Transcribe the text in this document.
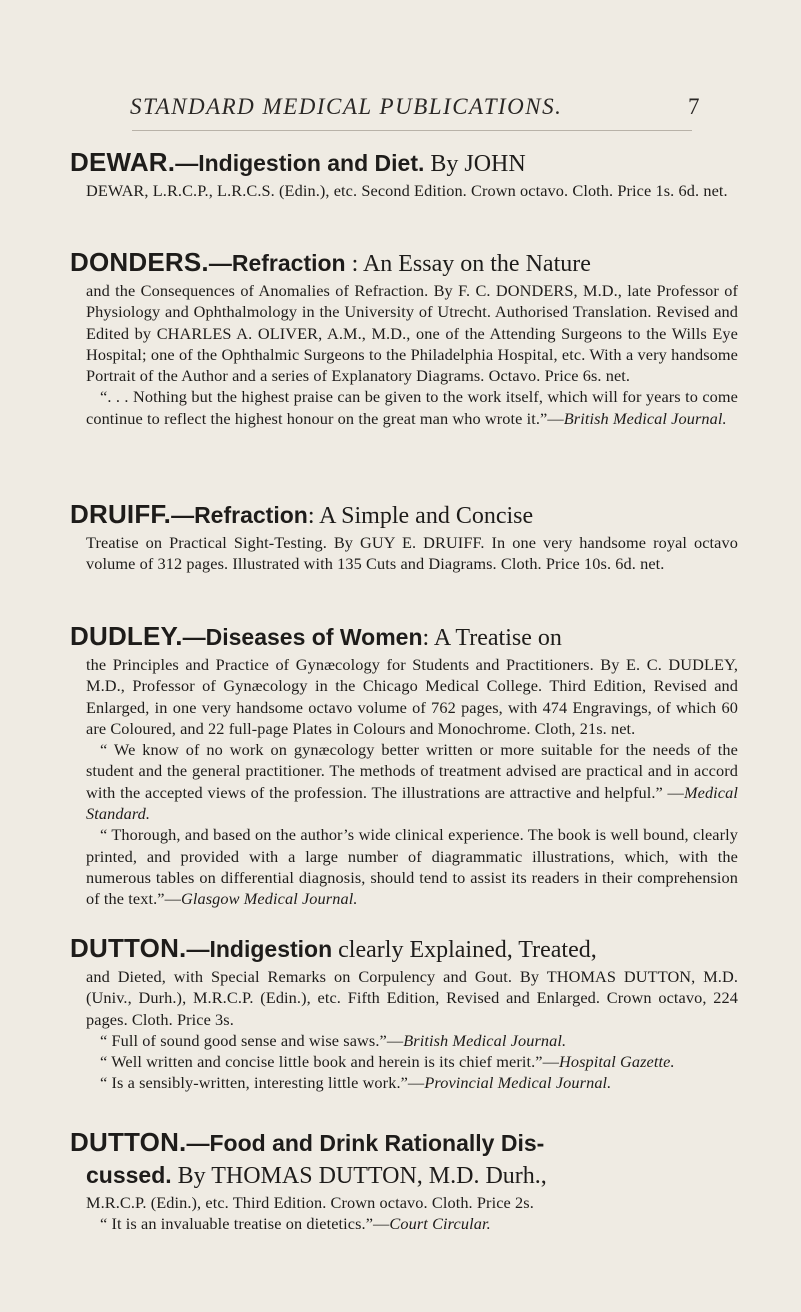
STANDARD MEDICAL PUBLICATIONS.	7
DEWAR.—Indigestion and Diet. By JOHN

DEWAR, L.R.C.P., L.R.C.S. (Edin.), etc. Second Edition. Crown octavo. Cloth. Price 1s. 6d. net.

DONDERS.—Refraction : An Essay on the Nature

and the Consequences of Anomalies of Refraction. By F. C. DONDERS, M.D., late Professor of Physiology and Ophthalmology in the University of Utrecht. Authorised Translation. Revised and Edited by CHARLES A. OLIVER, A.M., M.D., one of the Attending Surgeons to the Wills Eye Hospital; one of the Ophthalmic Surgeons to the Philadelphia Hospital, etc. With a very handsome Portrait of the Author and a series of Explanatory Diagrams. Octavo. Price 6s. net.

“. . . Nothing but the highest praise can be given to the work itself, which will for years to come continue to reflect the highest honour on the great man who wrote it.”—British Medical Journal.

DRUIFF.—Refraction: A Simple and Concise

Treatise on Practical Sight-Testing. By GUY E. DRUIFF. In one very handsome royal octavo volume of 312 pages. Illustrated with 135 Cuts and Diagrams. Cloth. Price 10s. 6d. net.

DUDLEY.—Diseases of Women: A Treatise on

the Principles and Practice of Gynæcology for Students and Practitioners. By E. C. DUDLEY, M.D., Professor of Gynæcology in the Chicago Medical College. Third Edition, Revised and Enlarged, in one very handsome octavo volume of 762 pages, with 474 Engravings, of which 60 are Coloured, and 22 full-page Plates in Colours and Monochrome. Cloth, 21s. net.

“ We know of no work on gynæcology better written or more suitable for the needs of the student and the general practitioner. The methods of treatment advised are practical and in accord with the accepted views of the profession. The illustrations are attractive and helpful.” —Medical Standard.

“ Thorough, and based on the author’s wide clinical experience. The book is well bound, clearly printed, and provided with a large number of diagrammatic illustrations, which, with the numerous tables on differential diagnosis, should tend to assist its readers in their comprehension of the text.”—Glasgow Medical Journal.

DUTTON.—Indigestion clearly Explained, Treated,

and Dieted, with Special Remarks on Corpulency and Gout. By THOMAS DUTTON, M.D. (Univ., Durh.), M.R.C.P. (Edin.), etc. Fifth Edition, Revised and Enlarged. Crown octavo, 224 pages. Cloth. Price 3s.

“ Full of sound good sense and wise saws.”—British Medical Journal.

“ Well written and concise little book and herein is its chief merit.”—Hospital Gazette.

“ Is a sensibly-written, interesting little work.”—Provincial Medical Journal.

DUTTON.—Food and Drink Rationally Dis-
cussed. By THOMAS DUTTON, M.D. Durh.,

M.R.C.P. (Edin.), etc. Third Edition. Crown octavo. Cloth. Price 2s.

“ It is an invaluable treatise on dietetics.”—Court Circular.
